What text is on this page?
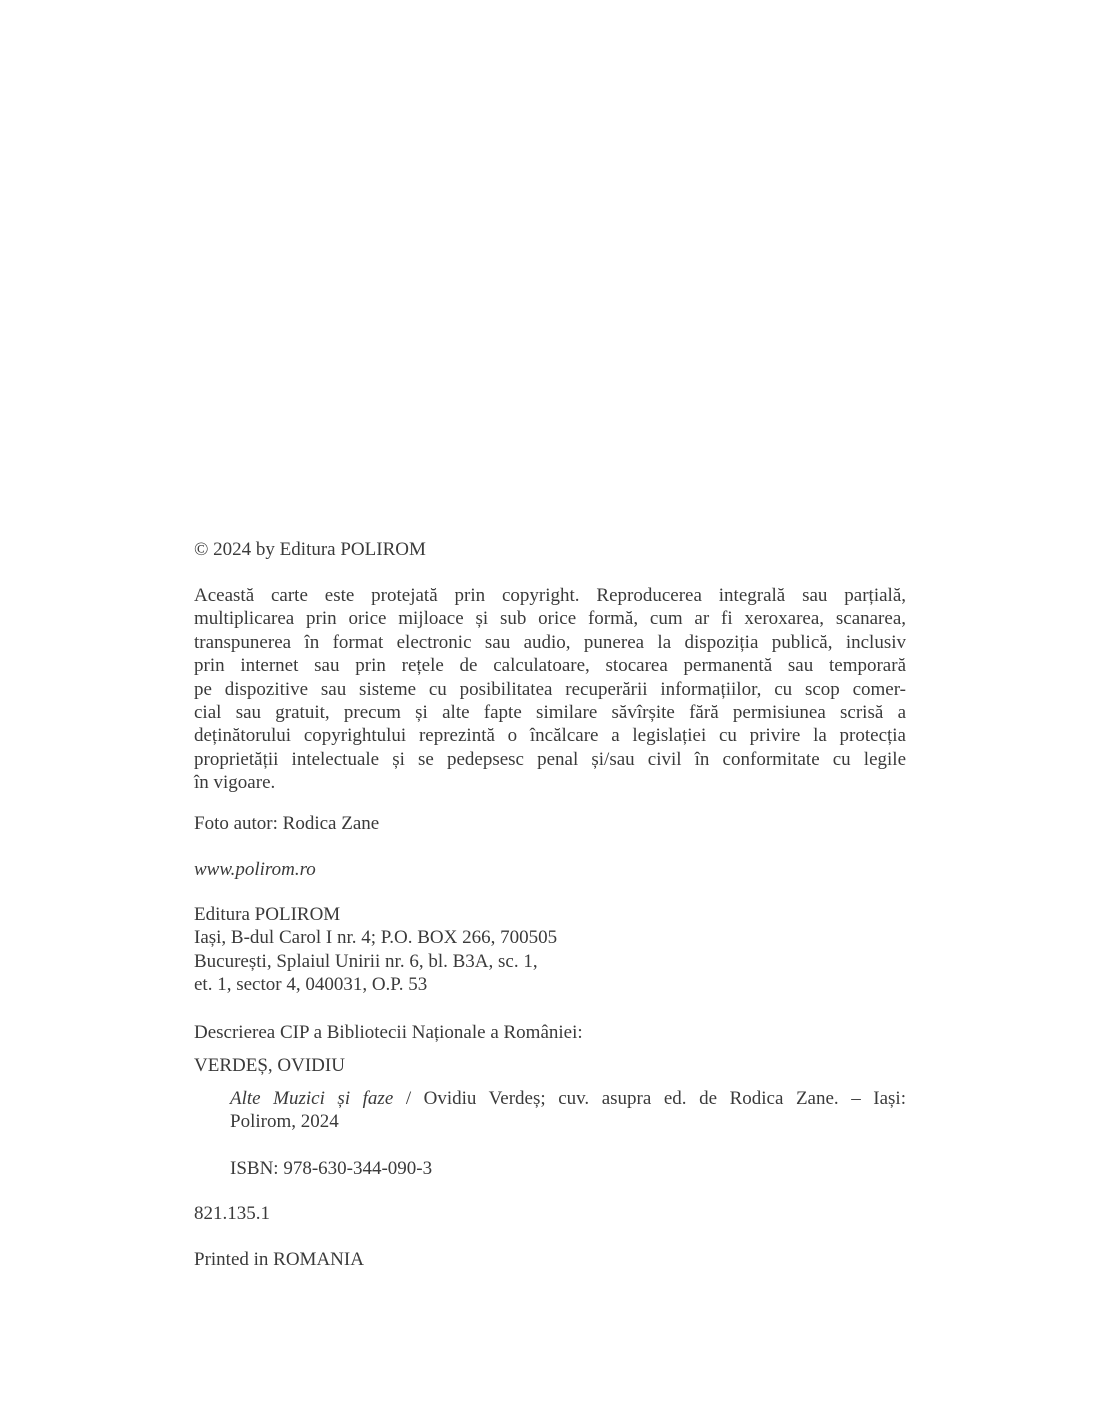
© 2024 by Editura POLIROM
Această carte este protejată prin copyright. Reproducerea integrală sau parțială,
multiplicarea prin orice mijloace și sub orice formă, cum ar fi xeroxarea, scanarea,
transpunerea în format electronic sau audio, punerea la dispoziția publică, inclusiv
prin internet sau prin rețele de calculatoare, stocarea permanentă sau temporară
pe dispozitive sau sisteme cu posibilitatea recuperării informațiilor, cu scop comer-
cial sau gratuit, precum și alte fapte similare săvîrșite fără permisiunea scrisă a
deținătorului copyrightului reprezintă o încălcare a legislației cu privire la protecția
proprietății intelectuale și se pedepsesc penal și/sau civil în conformitate cu legile
în vigoare.
Foto autor: Rodica Zane
www.polirom.ro
Editura POLIROM
Iași, B-dul Carol I nr. 4; P.O. BOX 266, 700505
București, Splaiul Unirii nr. 6, bl. B3A, sc. 1,
et. 1, sector 4, 040031, O.P. 53
Descrierea CIP a Bibliotecii Naționale a României:
VERDEȘ, OVIDIU
Alte Muzici și faze / Ovidiu Verdeș; cuv. asupra ed. de Rodica Zane. – Iași:
Polirom, 2024
ISBN: 978-630-344-090-3
821.135.1
Printed in ROMANIA
